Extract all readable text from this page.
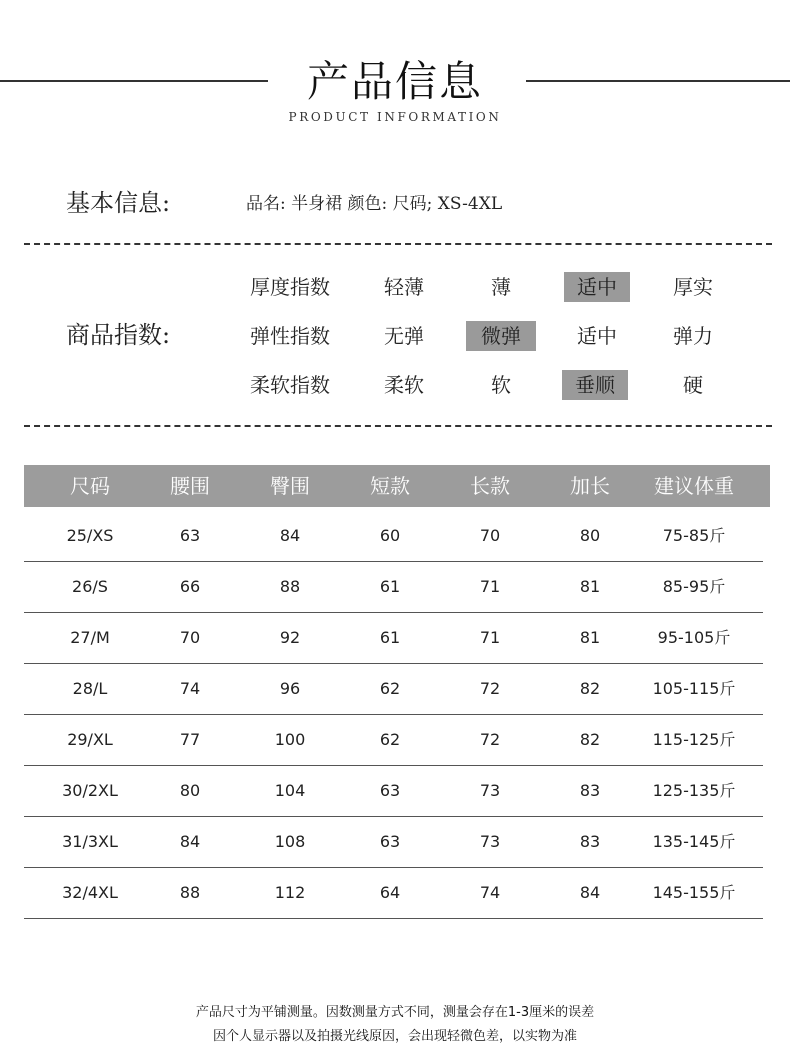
产品信息
PRODUCT INFORMATION
基本信息:	品名: 半身裙 颜色: 尺码; XS-4XL
商品指数:
厚度指数	轻薄	薄	适中	厚实
弹性指数	无弹	微弹	适中	弹力
柔软指数	柔软	软	垂顺	硬
尺码	腰围	臀围	短款	长款	加长	建议体重
25/XS	63	84	60	70	80	75-85斤
26/S	66	88	61	71	81	85-95斤
27/M	70	92	61	71	81	95-105斤
28/L	74	96	62	72	82	105-115斤
29/XL	77	100	62	72	82	115-125斤
30/2XL	80	104	63	73	83	125-135斤
31/3XL	84	108	63	73	83	135-145斤
32/4XL	88	112	64	74	84	145-155斤
产品尺寸为平铺测量。因数测量方式不同，测量会存在1-3厘米的误差
因个人显示器以及拍摄光线原因，会出现轻微色差，以实物为准
